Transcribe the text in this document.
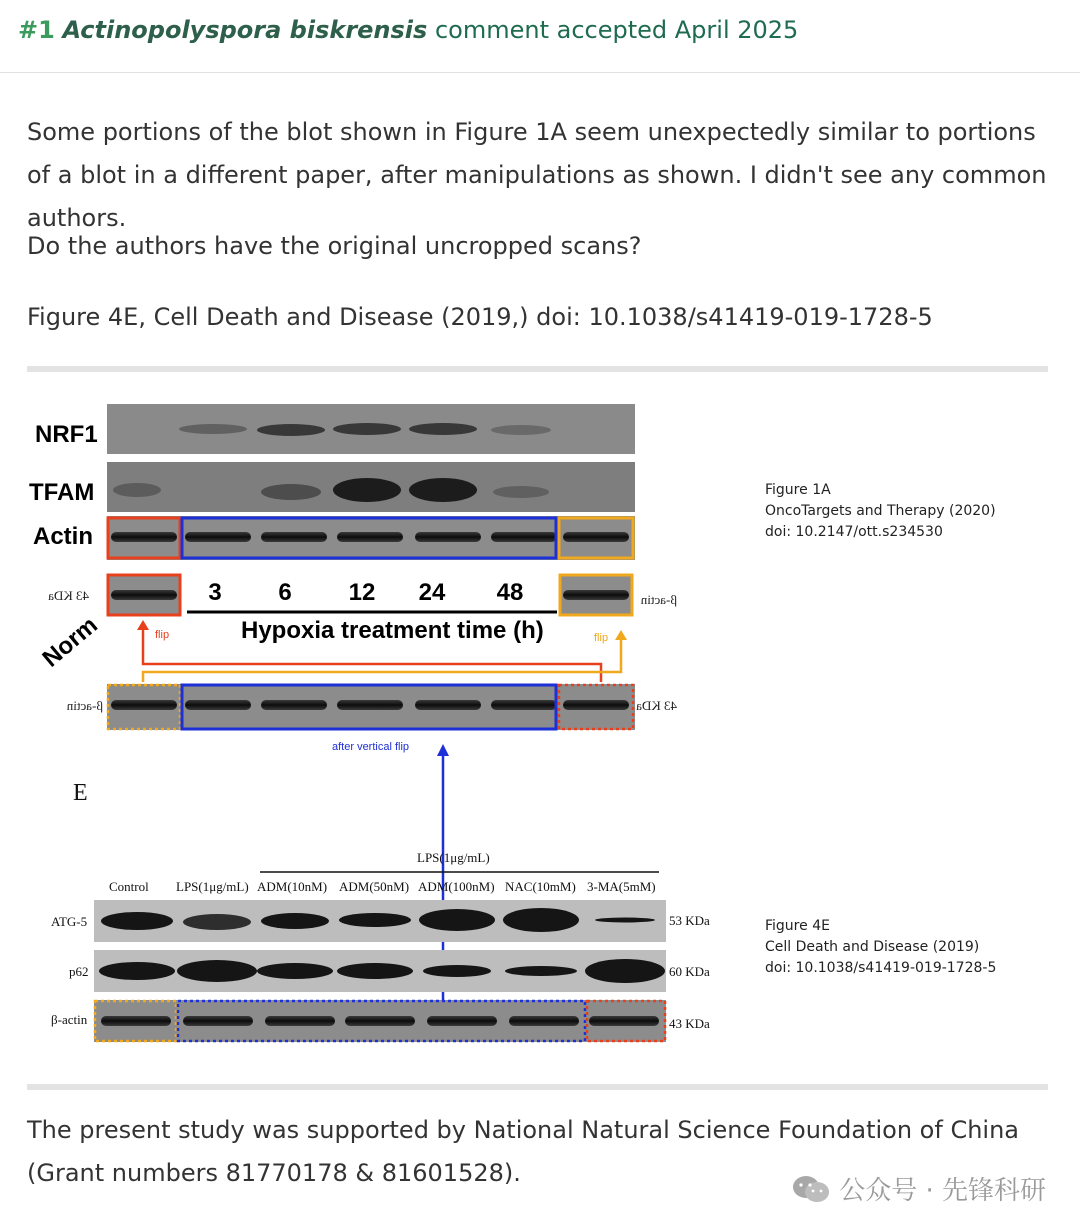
#1 Actinopolyspora biskrensis comment accepted April 2025
Some portions of the blot shown in Figure 1A seem unexpectedly similar to portions of a blot in a different paper, after manipulations as shown. I didn't see any common authors.
Do the authors have the original uncropped scans?
Figure 4E, Cell Death and Disease (2019,) doi: 10.1038/s41419-019-1728-5
NRF1
TFAM
Actin
43 KDa	β-actin
3 6 12 24 48
Hypoxia treatment time (h)
Norm	flip	flip
β-actin	43 KDa
after vertical flip
Figure 1A
OncoTargets and Therapy (2020)
doi: 10.2147/ott.s234530
E
LPS(1μg/mL)
Control LPS(1μg/mL) ADM(10nM) ADM(50nM) ADM(100nM) NAC(10mM) 3-MA(5mM)
ATG-5
p62
β-actin
53 KDa
60 KDa
43 KDa
Figure 4E
Cell Death and Disease (2019)
doi: 10.1038/s41419-019-1728-5
The present study was supported by National Natural Science Foundation of China (Grant numbers 81770178 & 81601528).
公众号 · 先锋科研
